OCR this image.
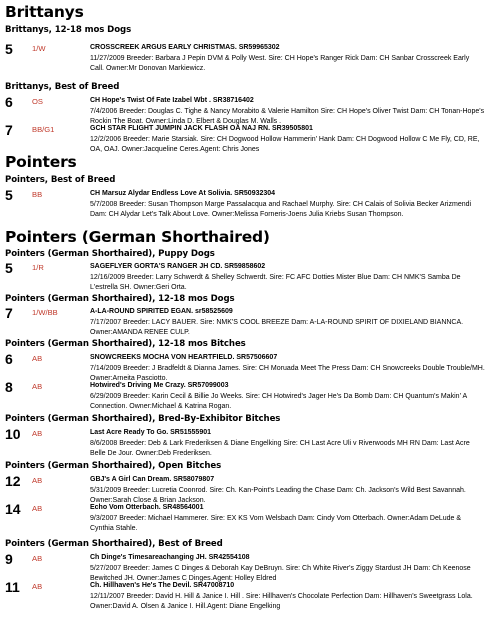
Brittanys
Brittanys, 12-18 mos Dogs
5	1/W	CROSSCREEK ARGUS EARLY CHRISTMAS. SR59965302
11/27/2009 Breeder: Barbara J Pepin DVM & Polly West. Sire: CH Hope's Ranger Rick Dam: CH Sanbar Crosscreek Early Call. Owner:Mr Donovan Markiewicz.
Brittanys, Best of Breed
6	OS	CH Hope's Twist Of Fate Izabel Wbt . SR38716402
7/4/2006 Breeder: Douglas C. Tighe & Nancy Morabito & Valerie Hamilton Sire: CH Hope's Oliver Twist Dam: CH Tonan-Hope's Rockin The Boat. Owner:Linda D. Elbert & Douglas M. Walls .
7	BB/G1	GCH STAR FLIGHT JUMPIN JACK FLASH OA NAJ RN. SR39505801
12/2/2006 Breeder: Marie Starsiak. Sire: CH Dogwood Hollow Hammerin' Hank Dam: CH Dogwood Hollow C Me Fly, CD, RE, OA, OAJ. Owner:Jacqueline Ceres.Agent: Chris Jones
Pointers
Pointers, Best of Breed
5	BB	CH Marsuz Alydar Endless Love At Solivia. SR50932304
5/7/2008 Breeder: Susan Thompson Marge Passalacqua and Rachael Murphy. Sire: CH Calais of Solivia Becker Arizmendi Dam: CH Alydar Let's Talk About Love. Owner:Melissa Forneris-Joens Julia Kriebs Susan Thompson.
Pointers (German Shorthaired)
Pointers (German Shorthaired), Puppy Dogs
5	1/R	SAGEFLYER GORTA'S RANGER JH CD. SR59858602
12/16/2009 Breeder: Larry Schwerdt & Shelley Schwerdt. Sire: FC AFC Dotties Mister Blue Dam: CH NMK'S Samba De L'estrella SH. Owner:Geri Orta.
Pointers (German Shorthaired), 12-18 mos Dogs
7	1/W/BB	A-LA-ROUND SPIRITED EGAN. sr58525609
7/17/2007 Breeder: LACY BAUER. Sire: NMK'S COOL BREEZE Dam: A-LA-ROUND SPIRIT OF DIXIELAND BIANNCA. Owner:AMANDA RENEE CULP.
Pointers (German Shorthaired), 12-18 mos Bitches
6	AB	SNOWCREEKS MOCHA VON HEARTFIELD. SR57506607
7/14/2009 Breeder: J Bradfeldt & Dianna James. Sire: CH Moruada Meet The Press Dam: CH Snowcreeks Double Trouble/MH. Owner:Arneita Pasciotto.
8	AB	Hotwired's Driving Me Crazy. SR57099003
6/29/2009 Breeder: Karin Cecil & Billie Jo Weeks. Sire: CH Hotwired's Jager He's Da Bomb Dam: CH Quantum's Makin' A Connection. Owner:Michael & Katrina Rogan.
Pointers (German Shorthaired), Bred-By-Exhibitor Bitches
10	AB	Last Acre Ready To Go. SR51555901
8/6/2008 Breeder: Deb & Lark Frederiksen & Diane Engelking Sire: CH Last Acre Uli v Riverwoods MH RN Dam: Last Acre Belle De Jour. Owner:Deb Frederiksen.
Pointers (German Shorthaired), Open Bitches
12	AB	GBJ's A Girl Can Dream. SR58079807
5/31/2009 Breeder: Lucretia Coonrod. Sire: Ch. Kan-Point's Leading the Chase Dam: Ch. Jackson's Wild Best Savannah. Owner:Sarah Close & Brian Jackson.
14	AB	Echo Vom Otterbach. SR48564001
9/3/2007 Breeder: Michael Hammerer. Sire: EX KS Vom Welsbach Dam: Cindy Vom Otterbach. Owner:Adam DeLude & Cynthia Stahle.
Pointers (German Shorthaired), Best of Breed
9	AB	Ch Dinge's Timesareachanging JH. SR42554108
5/27/2007 Breeder: James C Dinges & Deborah Kay DeBruyn. Sire: Ch White River's Ziggy Stardust JH Dam: Ch Keenose Bewitched JH. Owner:James C Dinges.Agent: Holley Eldred
11	AB	Ch. Hillhaven's He's The Devil. SR47008710
12/11/2007 Breeder: David H. Hill & Janice I. Hill . Sire: Hillhaven's Chocolate Perfection Dam: Hillhaven's Sweetgrass Lola. Owner:David A. Olsen & Janice I. Hill.Agent: Diane Engelking
